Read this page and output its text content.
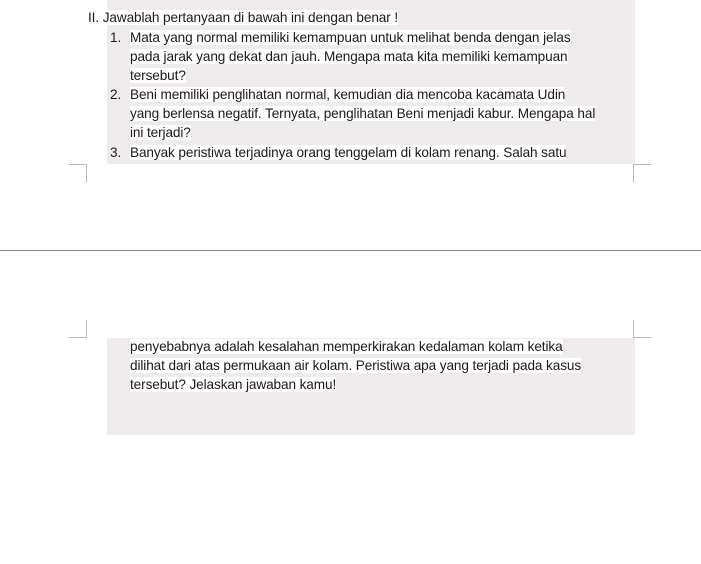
II. Jawablah pertanyaan di bawah ini dengan benar !
1. Mata yang normal memiliki kemampuan untuk melihat benda dengan jelas
pada jarak yang dekat dan jauh. Mengapa mata kita memiliki kemampuan
tersebut?
2. Beni memiliki penglihatan normal, kemudian dia mencoba kacamata Udin
yang berlensa negatif. Ternyata, penglihatan Beni menjadi kabur. Mengapa hal
ini terjadi?
3. Banyak peristiwa terjadinya orang tenggelam di kolam renang. Salah satu
penyebabnya adalah kesalahan memperkirakan kedalaman kolam ketika
dilihat dari atas permukaan air kolam. Peristiwa apa yang terjadi pada kasus
tersebut? Jelaskan jawaban kamu!
